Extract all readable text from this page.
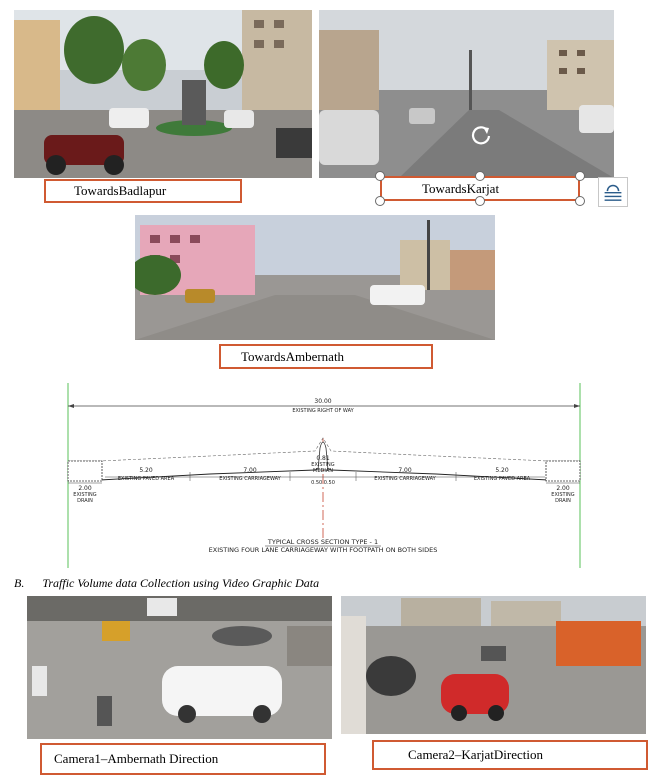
TowardsBadlapur	TowardsKarjat
TowardsAmbernath
30.00
EXISTING RIGHT OF WAY
5.20
EXISTING PAVED AREA
7.00
EXISTING CARRIAGEWAY
0.81
EXISTING
MEDIAN
0.50 0.50
7.00
EXISTING CARRIAGEWAY
5.20
EXISTING PAVED AREA
2.00
EXISTING
DRAIN
2.00
EXISTING
DRAIN
TYPICAL CROSS SECTION TYPE - 1
EXISTING FOUR LANE CARRIAGEWAY WITH FOOTPATH ON BOTH SIDES
B. Traffic Volume data Collection using Video Graphic Data
Camera1–Ambernath Direction	Camera2–KarjatDirection
